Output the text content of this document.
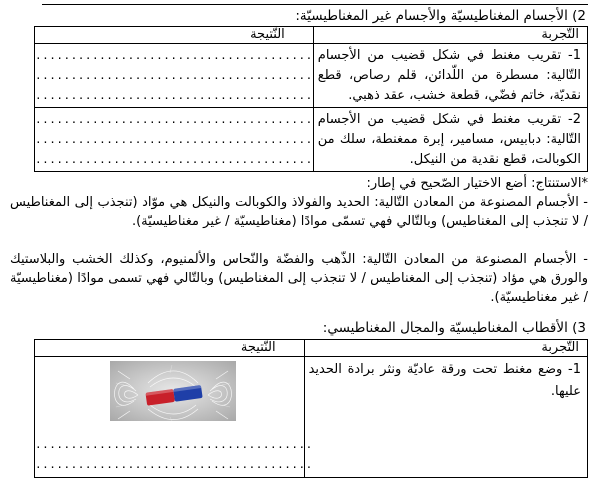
2) الأجسام المغناطيسيّة والأجسام غير المغناطيسيّة:
التّجربة	النّتيجة

1- تقريب مغنط في شكل قضيب من الأجسام التّالية: مسطرة من اللّدائن، قلم رصاص، قطع نقديّة، خاتم فضّي، قطعة خشب، عقد ذهبي.	.......................................
.......................................
.......................................

2- تقريب مغنط في شكل قضيب من الأجسام التّالية: دبابيس، مسامير، إبرة ممغنطة، سلك من الكوبالت، قطع نقدية من النيكل.	.......................................
.......................................
.......................................
*الاستنتاج: أضع الاختيار الصّحيح في إطار:
- الأجسام المصنوعة من المعادن التّالية: الحديد والفولاذ والكوبالت والنيكل هي موّاد (تنجذب إلى المغناطيس / لا تنجذب إلى المغناطيس) وبالتّالي فهي تسمّى موادًا (مغناطيسيّة / غير مغناطيسيّة).
- الأجسام المصنوعة من المعادن التّالية: الذّهب والفضّة والنّحاس والألمنيوم، وكذلك الخشب والبلاستيك والورق هي مؤاد (تنجذب إلى المغناطيس / لا تنجذب إلى المغناطيس) وبالتّالي فهي تسمى موادًا (مغناطيسيّة / غير مغناطيسيّة).
3) الأقطاب المغناطيسيّة والمجال المغناطيسي:
التّجربة	النّتيجة

1- وضع مغنط تحت ورقة عاديّة ونثر برادة الحديد عليها.	.......................................
.......................................
